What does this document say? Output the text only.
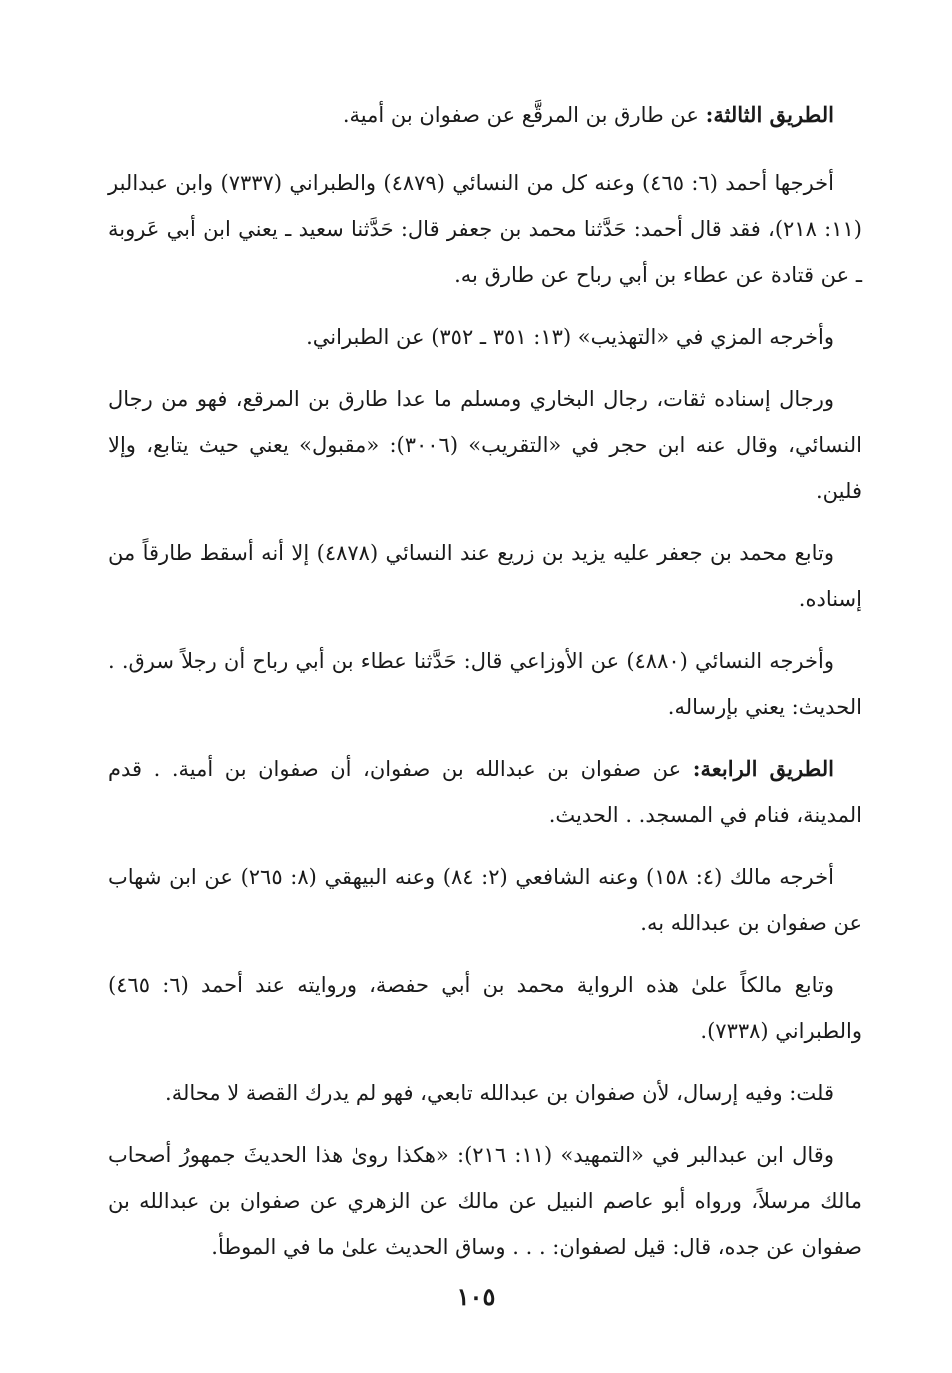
الطريق الثالثة: عن طارق بن المرقَّع عن صفوان بن أمية.

أخرجها أحمد (٦: ٤٦٥) وعنه كل من النسائي (٤٨٧٩) والطبراني (٧٣٣٧) وابن عبدالبر (١١: ٢١٨)، فقد قال أحمد: حَدَّثنا محمد بن جعفر قال: حَدَّثنا سعيد ـ يعني ابن أبي عَروبة ـ عن قتادة عن عطاء بن أبي رباح عن طارق به.

وأخرجه المزي في «التهذيب» (١٣: ٣٥١ ـ ٣٥٢) عن الطبراني.

ورجال إسناده ثقات، رجال البخاري ومسلم ما عدا طارق بن المرقع، فهو من رجال النسائي، وقال عنه ابن حجر في «التقريب» (٣٠٠٦): «مقبول» يعني حيث يتابع، وإلا فلين.

وتابع محمد بن جعفر عليه يزيد بن زريع عند النسائي (٤٨٧٨) إلا أنه أسقط طارقاً من إسناده.

وأخرجه النسائي (٤٨٨٠) عن الأوزاعي قال: حَدَّثنا عطاء بن أبي رباح أن رجلاً سرق. . الحديث: يعني بإرساله.

الطريق الرابعة: عن صفوان بن عبدالله بن صفوان، أن صفوان بن أمية. . قدم المدينة، فنام في المسجد. . الحديث.

أخرجه مالك (٤: ١٥٨) وعنه الشافعي (٢: ٨٤) وعنه البيهقي (٨: ٢٦٥) عن ابن شهاب عن صفوان بن عبدالله به.

وتابع مالكاً علىٰ هذه الرواية محمد بن أبي حفصة، وروايته عند أحمد (٦: ٤٦٥) والطبراني (٧٣٣٨).

قلت: وفيه إرسال، لأن صفوان بن عبدالله تابعي، فهو لم يدرك القصة لا محالة.

وقال ابن عبدالبر في «التمهيد» (١١: ٢١٦): «هكذا روىٰ هذا الحديثَ جمهورُ أصحاب مالك مرسلاً، ورواه أبو عاصم النبيل عن مالك عن الزهري عن صفوان بن عبدالله بن صفوان عن جده، قال: قيل لصفوان: . . . وساق الحديث علىٰ ما في الموطأ.

١٠٥
